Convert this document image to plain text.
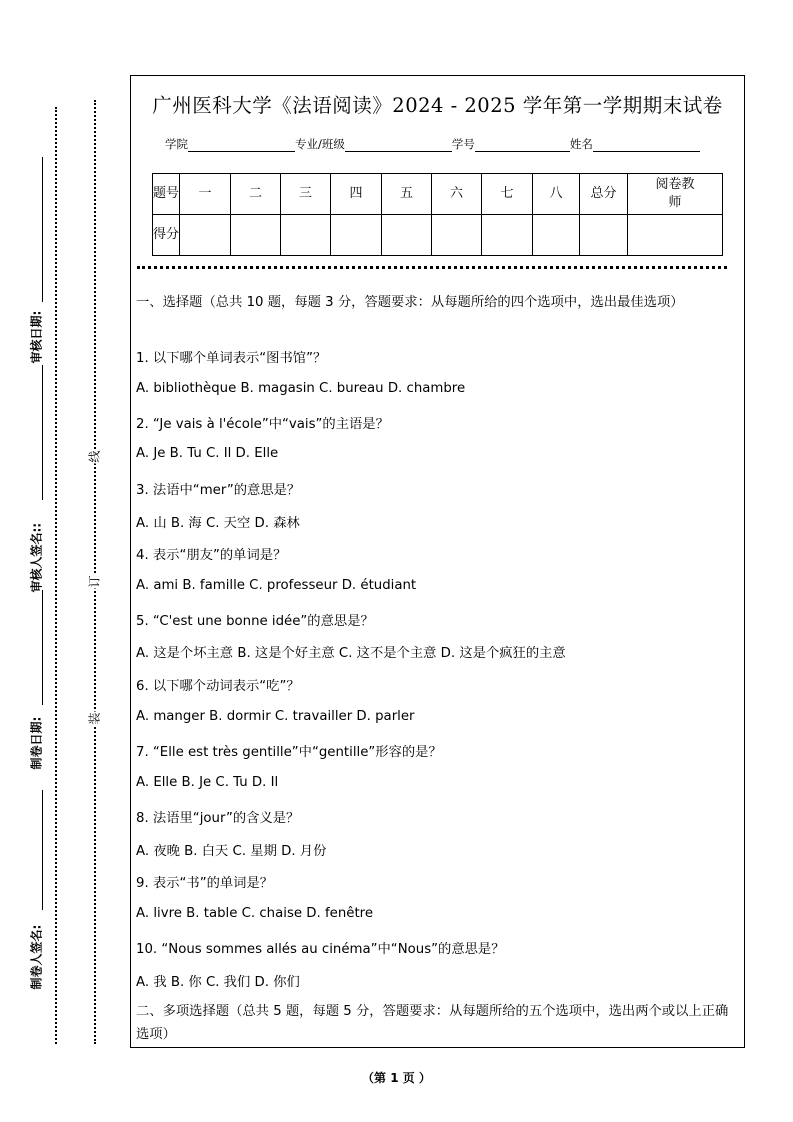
审核日期:
审核人签名::
制卷日期:
制卷人签名:
线
订
装
广州医科大学《法语阅读》2024 - 2025 学年第一学期期末试卷
学院	专业/班级	学号	姓名
题号	一	二	三	四	五	六	七	八	总分	阅卷教师
得分										
一、选择题（总共 10 题，每题 3 分，答题要求：从每题所给的四个选项中，选出最佳选项）
1. 以下哪个单词表示“图书馆”？
A. bibliothèque B. magasin C. bureau D. chambre
2. “Je vais à l'école”中“vais”的主语是？
A. Je B. Tu C. Il D. Elle
3. 法语中“mer”的意思是？
A. 山 B. 海 C. 天空 D. 森林
4. 表示“朋友”的单词是？
A. ami B. famille C. professeur D. étudiant
5. “C'est une bonne idée”的意思是？
A. 这是个坏主意 B. 这是个好主意 C. 这不是个主意 D. 这是个疯狂的主意
6. 以下哪个动词表示“吃”？
A. manger B. dormir C. travailler D. parler
7. “Elle est très gentille”中“gentille”形容的是？
A. Elle B. Je C. Tu D. Il
8. 法语里“jour”的含义是？
A. 夜晚 B. 白天 C. 星期 D. 月份
9. 表示“书”的单词是？
A. livre B. table C. chaise D. fenêtre
10. “Nous sommes allés au cinéma”中“Nous”的意思是？
A. 我 B. 你 C. 我们 D. 你们
二、多项选择题（总共 5 题，每题 5 分，答题要求：从每题所给的五个选项中，选出两个或以上正确选项）
（第 1 页 ）
